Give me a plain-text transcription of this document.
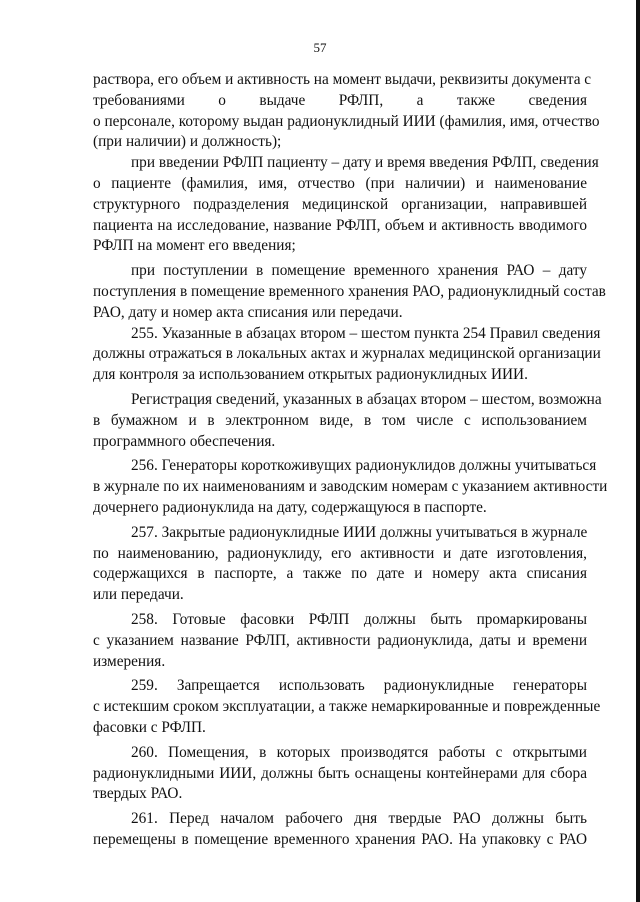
57
раствора, его объем и активность на момент выдачи, реквизиты документа с
требованиями о выдаче РФЛП, а также сведения
о персонале, которому выдан радионуклидный ИИИ (фамилия, имя, отчество
(при наличии) и должность);
при введении РФЛП пациенту – дату и время введения РФЛП, сведения
о пациенте (фамилия, имя, отчество (при наличии) и наименование
структурного подразделения медицинской организации, направившей
пациента на исследование, название РФЛП, объем и активность вводимого
РФЛП на момент его введения;
при поступлении в помещение временного хранения РАО – дату
поступления в помещение временного хранения РАО, радионуклидный состав
РАО, дату и номер акта списания или передачи.
255. Указанные в абзацах втором – шестом пункта 254 Правил сведения
должны отражаться в локальных актах и журналах медицинской организации
для контроля за использованием открытых радионуклидных ИИИ.
Регистрация сведений, указанных в абзацах втором – шестом, возможна
в бумажном и в электронном виде, в том числе с использованием
программного обеспечения.
256. Генераторы короткоживущих радионуклидов должны учитываться
в журнале по их наименованиям и заводским номерам с указанием активности
дочернего радионуклида на дату, содержащуюся в паспорте.
257. Закрытые радионуклидные ИИИ должны учитываться в журнале
по наименованию, радионуклиду, его активности и дате изготовления,
содержащихся в паспорте, а также по дате и номеру акта списания
или передачи.
258. Готовые фасовки РФЛП должны быть промаркированы
с указанием название РФЛП, активности радионуклида, даты и времени
измерения.
259. Запрещается использовать радионуклидные генераторы
с истекшим сроком эксплуатации, а также немаркированные и поврежденные
фасовки с РФЛП.
260. Помещения, в которых производятся работы с открытыми
радионуклидными ИИИ, должны быть оснащены контейнерами для сбора
твердых РАО.
261. Перед началом рабочего дня твердые РАО должны быть
перемещены в помещение временного хранения РАО. На упаковку с РАО
